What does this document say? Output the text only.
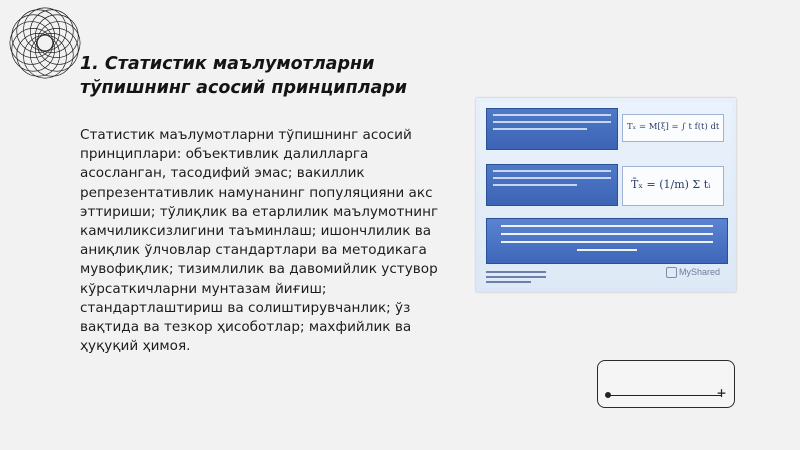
1. Статистик маълумотларни тўпишнинг асосий принциплари
Статистик маълумотларни тўпишнинг асосий принциплари: объективлик далилларга асосланган, тасодифий эмас; вакиллик репрезентативлик намунанинг популяцияни акс эттириши; тўлиқлик ва етарлилик маълумотнинг камчиликсизлигини таъминлаш; ишончлилик ва аниқлик ўлчовлар стандартлари ва методикага мувофиқлик; тизимлилик ва давомийлик устувор кўрсаткичларни мунтазам йиғиш; стандартлаштириш ва солиштирувчанлик; ўз вақтида ва тезкор ҳисоботлар; махфийлик ва ҳуқуқий ҳимоя.
Tₓ = M[ξ] = ∫ t f(t) dt
T̄ₓ = (1/m) Σ tᵢ
MyShared
+
